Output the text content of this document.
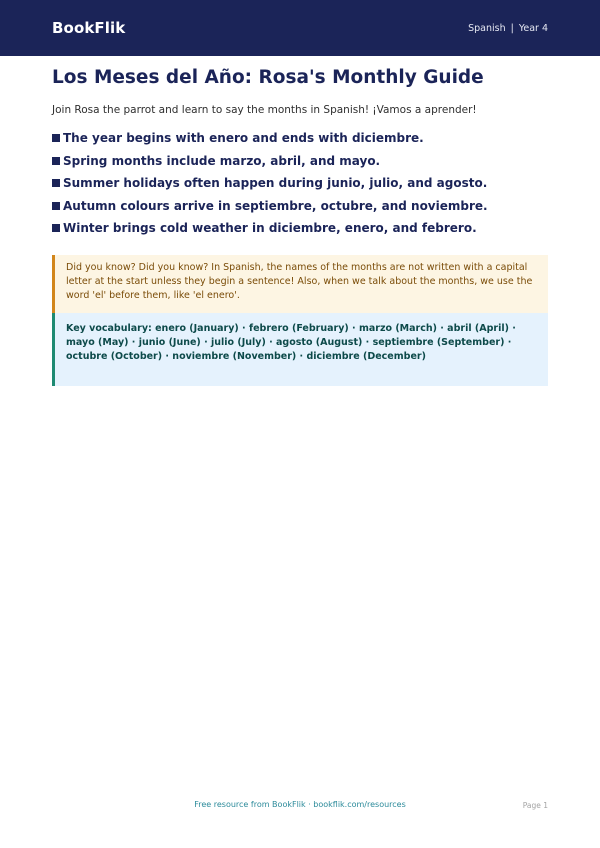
BookFlik	Spanish | Year 4
Los Meses del Año: Rosa's Monthly Guide

Join Rosa the parrot and learn to say the months in Spanish! ¡Vamos a aprender!

The year begins with enero and ends with diciembre.
Spring months include marzo, abril, and mayo.
Summer holidays often happen during junio, julio, and agosto.
Autumn colours arrive in septiembre, octubre, and noviembre.
Winter brings cold weather in diciembre, enero, and febrero.
Did you know? Did you know? In Spanish, the names of the months are not written with a capital letter at the start unless they begin a sentence! Also, when we talk about the months, we use the word 'el' before them, like 'el enero'.
Key vocabulary: enero (January) · febrero (February) · marzo (March) · abril (April) · mayo (May) · junio (June) · julio (July) · agosto (August) · septiembre (September) · octubre (October) · noviembre (November) · diciembre (December)
Free resource from BookFlik · bookflik.com/resources	Page 1
